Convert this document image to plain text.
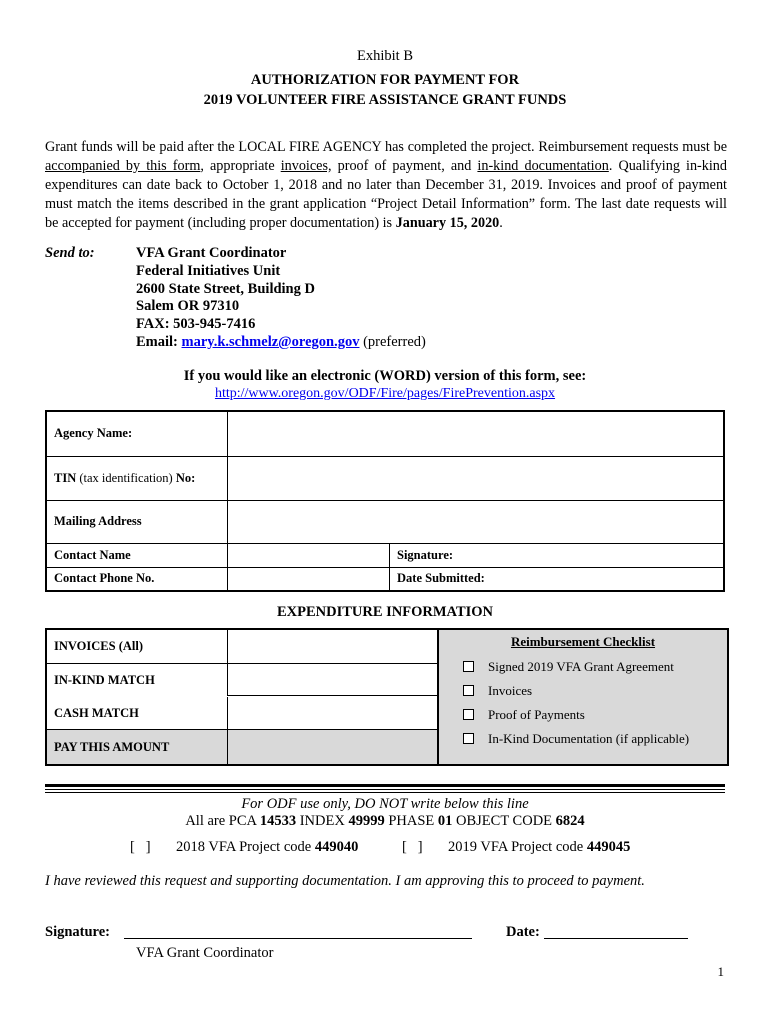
Exhibit B
AUTHORIZATION FOR PAYMENT FOR
2019 VOLUNTEER FIRE ASSISTANCE GRANT FUNDS
Grant funds will be paid after the LOCAL FIRE AGENCY has completed the project. Reimbursement requests must be accompanied by this form, appropriate invoices, proof of payment, and in-kind documentation. Qualifying in-kind expenditures can date back to October 1, 2018 and no later than December 31, 2019. Invoices and proof of payment must match the items described in the grant application “Project Detail Information” form. The last date requests will be accepted for payment (including proper documentation) is January 15, 2020.
Send to:	VFA Grant Coordinator
Federal Initiatives Unit
2600 State Street, Building D
Salem OR 97310
FAX: 503-945-7416
Email: mary.k.schmelz@oregon.gov (preferred)
If you would like an electronic (WORD) version of this form, see:
http://www.oregon.gov/ODF/Fire/pages/FirePrevention.aspx
Agency Name:		
TIN (tax identification) No:		
Mailing Address		
Contact Name		Signature:
Contact Phone No.		Date Submitted:
EXPENDITURE INFORMATION
INVOICES (All)
IN-KIND MATCH
CASH MATCH
PAY THIS AMOUNT
Reimbursement Checklist
Signed 2019 VFA Grant Agreement
Invoices
Proof of Payments
In-Kind Documentation (if applicable)
For ODF use only, DO NOT write below this line
All are PCA 14533 INDEX 49999 PHASE 01 OBJECT CODE 6824
[   ] 2018 VFA Project code 449040	[   ] 2019 VFA Project code 449045
I have reviewed this request and supporting documentation. I am approving this to proceed to payment.
Signature:	Date:
VFA Grant Coordinator
1
